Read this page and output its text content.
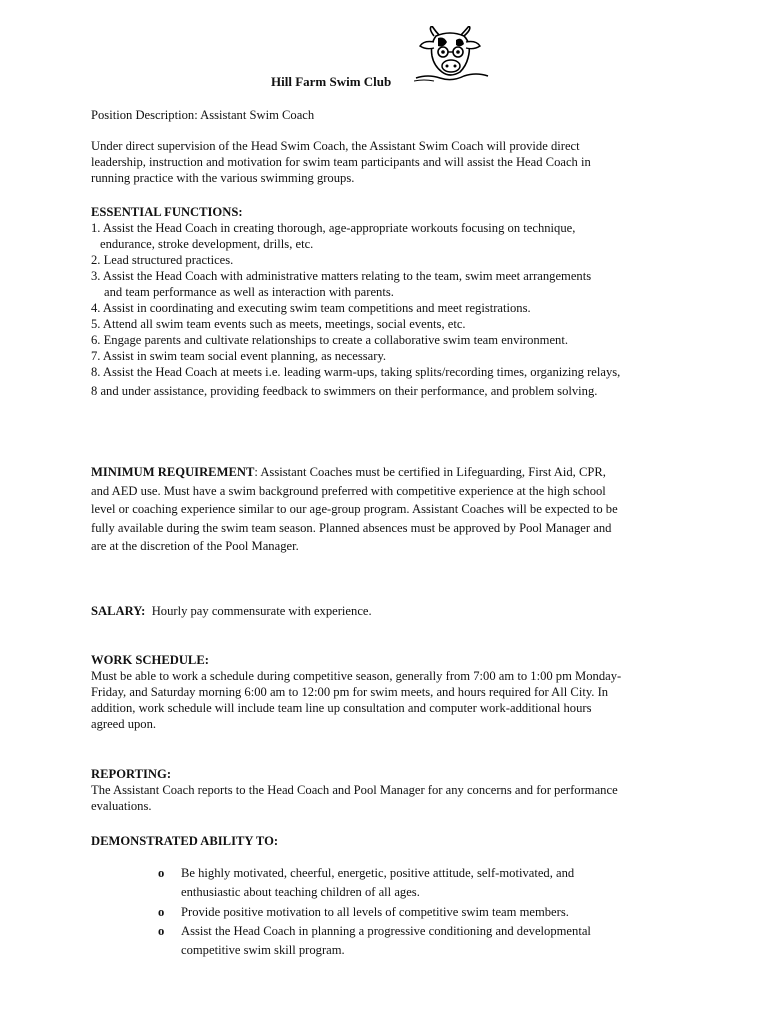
Hill Farm Swim Club
Position Description: Assistant Swim Coach
Under direct supervision of the Head Swim Coach, the Assistant Swim Coach will provide direct
leadership, instruction and motivation for swim team participants and will assist the Head Coach in
running practice with the various swimming groups.
ESSENTIAL FUNCTIONS:
1. Assist the Head Coach in creating thorough, age-appropriate workouts focusing on technique,
endurance, stroke development, drills, etc.
2. Lead structured practices.
3. Assist the Head Coach with administrative matters relating to the team, swim meet arrangements
and team performance as well as interaction with parents.
4. Assist in coordinating and executing swim team competitions and meet registrations.
5. Attend all swim team events such as meets, meetings, social events, etc.
6. Engage parents and cultivate relationships to create a collaborative swim team environment.
7. Assist in swim team social event planning, as necessary.
8. Assist the Head Coach at meets i.e. leading warm-ups, taking splits/recording times, organizing relays,
8 and under assistance, providing feedback to swimmers on their performance, and problem solving.
MINIMUM REQUIREMENT: Assistant Coaches must be certified in Lifeguarding, First Aid, CPR,
and AED use. Must have a swim background preferred with competitive experience at the high school
level or coaching experience similar to our age-group program. Assistant Coaches will be expected to be
fully available during the swim team season. Planned absences must be approved by Pool Manager and
are at the discretion of the Pool Manager.
SALARY: Hourly pay commensurate with experience.
WORK SCHEDULE:
Must be able to work a schedule during competitive season, generally from 7:00 am to 1:00 pm Monday-
Friday, and Saturday morning 6:00 am to 12:00 pm for swim meets, and hours required for All City. In
addition, work schedule will include team line up consultation and computer work-additional hours
agreed upon.
REPORTING:
The Assistant Coach reports to the Head Coach and Pool Manager for any concerns and for performance
evaluations.
DEMONSTRATED ABILITY TO:
o Be highly motivated, cheerful, energetic, positive attitude, self-motivated, and
enthusiastic about teaching children of all ages.
o Provide positive motivation to all levels of competitive swim team members.
o Assist the Head Coach in planning a progressive conditioning and developmental
competitive swim skill program.
